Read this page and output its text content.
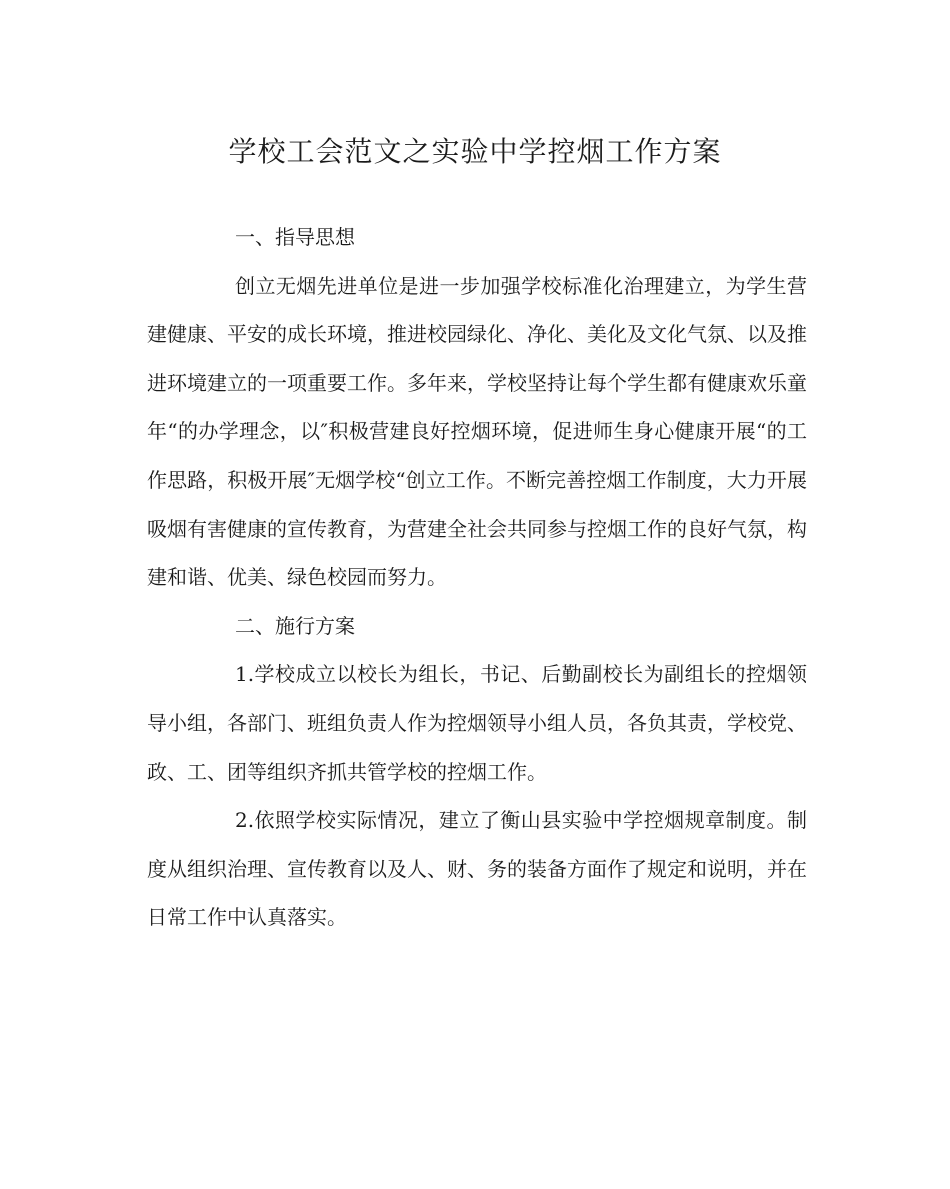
学校工会范文之实验中学控烟工作方案

一、指导思想

创立无烟先进单位是进一步加强学校标准化治理建立，为学生营建健康、平安的成长环境，推进校园绿化、净化、美化及文化气氛、以及推进环境建立的一项重要工作。多年来，学校坚持让每个学生都有健康欢乐童年“的办学理念，以″积极营建良好控烟环境，促进师生身心健康开展“的工作思路，积极开展″无烟学校“创立工作。不断完善控烟工作制度，大力开展吸烟有害健康的宣传教育，为营建全社会共同参与控烟工作的良好气氛，构建和谐、优美、绿色校园而努力。

二、施行方案

1.学校成立以校长为组长，书记、后勤副校长为副组长的控烟领导小组，各部门、班组负责人作为控烟领导小组人员，各负其责，学校党、政、工、团等组织齐抓共管学校的控烟工作。

2.依照学校实际情况，建立了衡山县实验中学控烟规章制度。制度从组织治理、宣传教育以及人、财、务的装备方面作了规定和说明，并在日常工作中认真落实。
